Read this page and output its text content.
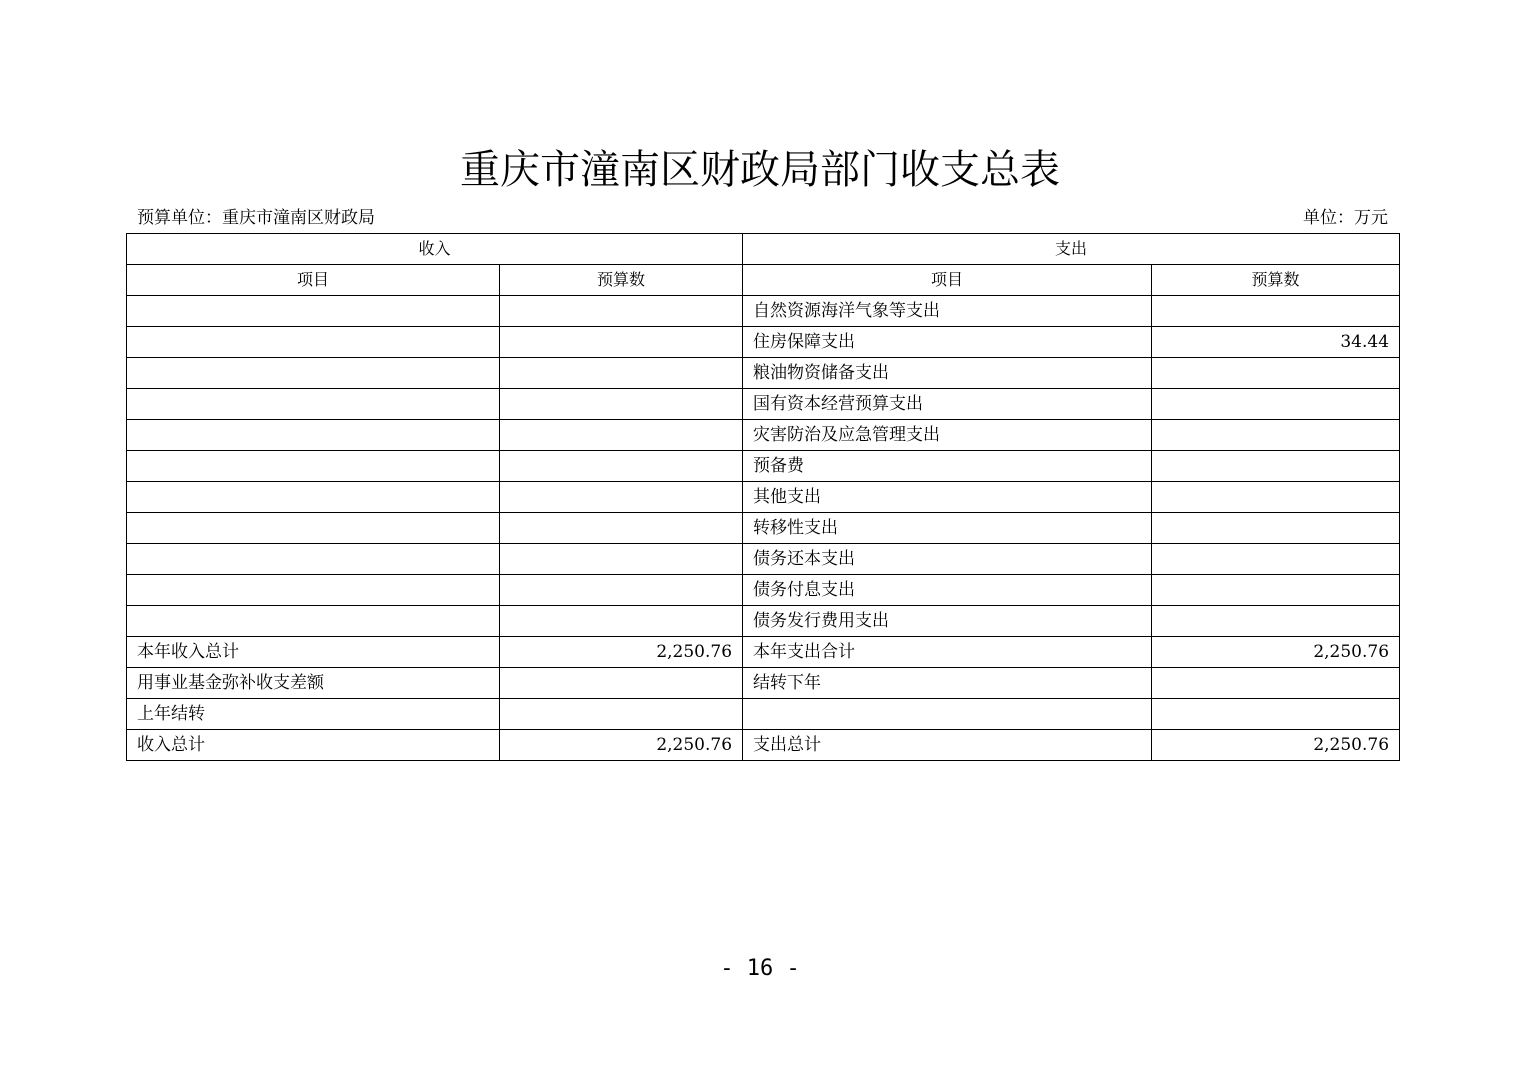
重庆市潼南区财政局部门收支总表
预算单位：重庆市潼南区财政局	单位：万元
收入		支出	
项目	预算数	项目	预算数
		自然资源海洋气象等支出	
		住房保障支出	34.44
		粮油物资储备支出	
		国有资本经营预算支出	
		灾害防治及应急管理支出	
		预备费	
		其他支出	
		转移性支出	
		债务还本支出	
		债务付息支出	
		债务发行费用支出	
本年收入总计	2,250.76	本年支出合计	2,250.76
用事业基金弥补收支差额		结转下年	
上年结转			
收入总计	2,250.76	支出总计	2,250.76
- 16 -
